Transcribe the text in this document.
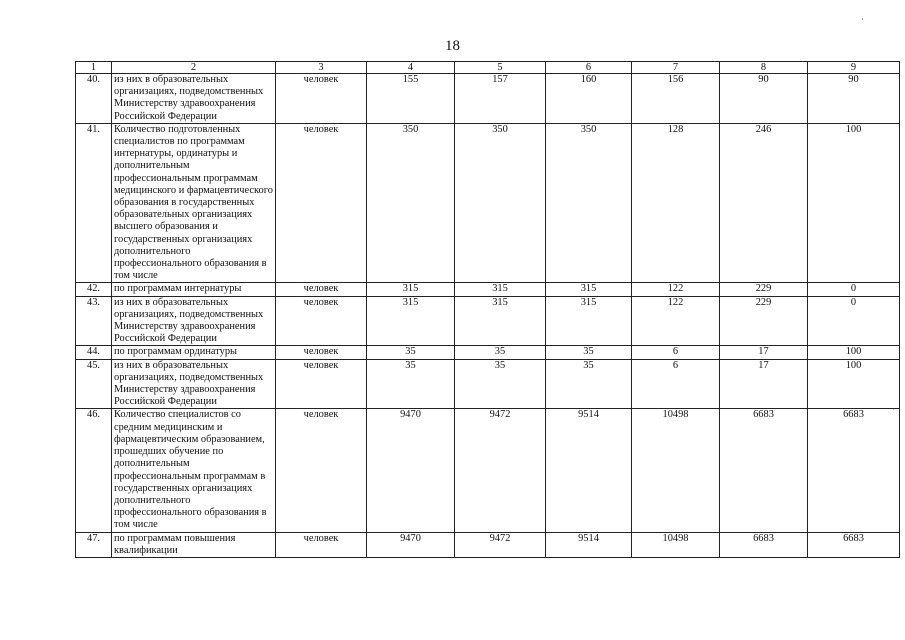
18
1	2	3	4	5	6	7	8	9
40.	из них в образовательных организациях, подведомственных Министерству здравоохранения Российской Федерации	человек	155	157	160	156	90	90
41.	Количество подготовленных специалистов по программам интернатуры, ординатуры и дополнительным профессиональным программам медицинского и фармацевтического образования в государственных образовательных организациях высшего образования и государственных организациях дополнительного профессионального образования в том числе	человек	350	350	350	128	246	100
42.	по программам интернатуры	человек	315	315	315	122	229	0
43.	из них в образовательных организациях, подведомственных Министерству здравоохранения Российской Федерации	человек	315	315	315	122	229	0
44.	по программам ординатуры	человек	35	35	35	6	17	100
45.	из них в образовательных организациях, подведомственных Министерству здравоохранения Российской Федерации	человек	35	35	35	6	17	100
46.	Количество специалистов со средним медицинским и фармацевтическим образованием, прошедших обучение по дополнительным профессиональным программам в государственных организациях дополнительного профессионального образования в том числе	человек	9470	9472	9514	10498	6683	6683
47.	по программам повышения квалификации	человек	9470	9472	9514	10498	6683	6683
·
·
